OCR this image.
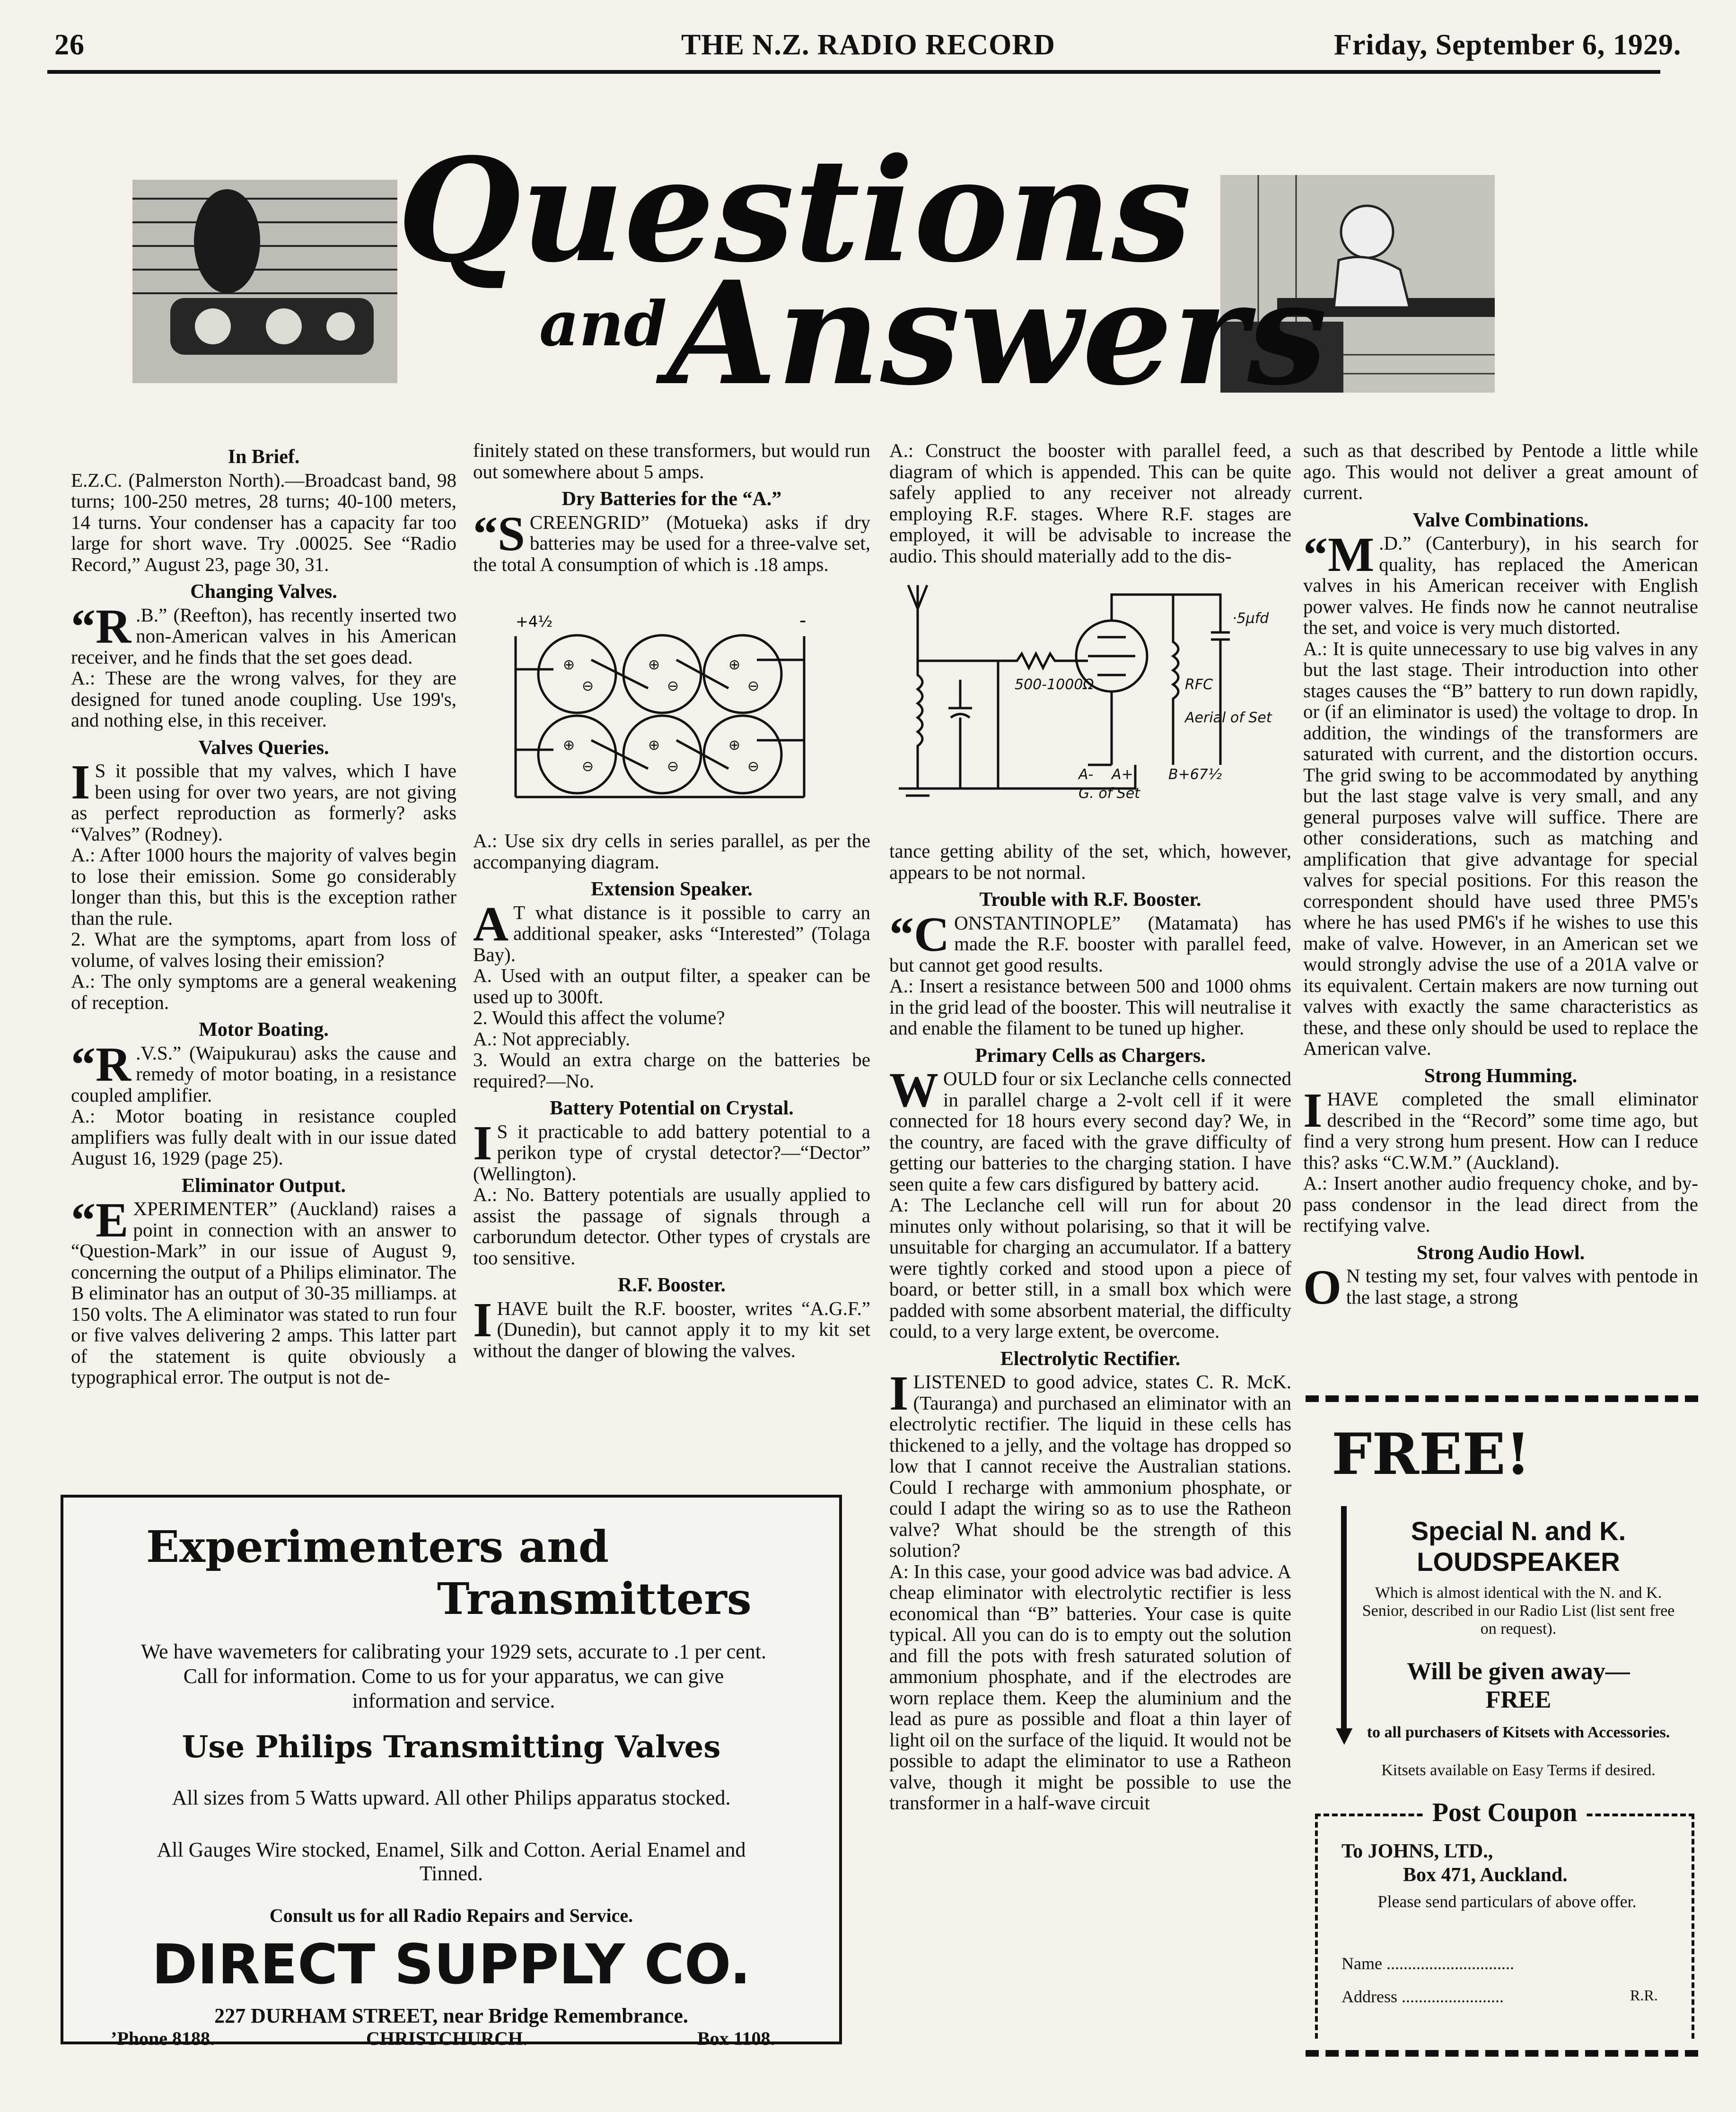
26	THE N.Z. RADIO RECORD	Friday, September 6, 1929.
Questions
and Answers
In Brief.

E.Z.C. (Palmerston North).—Broadcast band, 98 turns; 100-250 metres, 28 turns; 40-100 meters, 14 turns. Your condenser has a capacity far too large for short wave. Try .00025. See “Radio Record,” August 23, page 30, 31.

Changing Valves.

“R .B.” (Reefton), has recently inserted two non-American valves in his American receiver, and he finds that the set goes dead.

A.: These are the wrong valves, for they are designed for tuned anode coupling. Use 199's, and nothing else, in this receiver.

Valves Queries.

I S it possible that my valves, which I have been using for over two years, are not giving as perfect reproduction as formerly? asks “Valves” (Rodney).

A.: After 1000 hours the majority of valves begin to lose their emission. Some go considerably longer than this, but this is the exception rather than the rule.

2. What are the symptoms, apart from loss of volume, of valves losing their emission?

A.: The only symptoms are a general weakening of reception.

Motor Boating.

“R .V.S.” (Waipukurau) asks the cause and remedy of motor boating, in a resistance coupled amplifier.

A.: Motor boating in resistance coupled amplifiers was fully dealt with in our issue dated August 16, 1929 (page 25).

Eliminator Output.

“EXPERIMENTER” (Auckland) raises a point in connection with an answer to “Question-Mark” in our issue of August 9, concerning the output of a Philips eliminator. The B eliminator has an output of 30-35 milliamps. at 150 volts. The A eliminator was stated to run four or five valves delivering 2 amps. This latter part of the statement is quite obviously a typographical error. The output is not de-

finitely stated on these transformers, but would run out somewhere about 5 amps.

Dry Batteries for the “A.”

“SCREENGRID” (Motueka) asks if dry batteries may be used for a three-valve set, the total A consumption of which is .18 amps.

+4½	-
⊕
⊖
⊕
⊖
⊕
⊖
⊕
⊖
⊕
⊖
⊕
⊖

A.: Use six dry cells in series parallel, as per the accompanying diagram.

Extension Speaker.

A T what distance is it possible to carry an additional speaker, asks “Interested” (Tolaga Bay).

A. Used with an output filter, a speaker can be used up to 300ft.

2. Would this affect the volume?

A.: Not appreciably.

3. Would an extra charge on the batteries be required?—No.

Battery Potential on Crystal.

I S it practicable to add battery potential to a perikon type of crystal detector?—“Dector” (Wellington).

A.: No. Battery potentials are usually applied to assist the passage of signals through a carborundum detector. Other types of crystals are too sensitive.

R.F. Booster.

IHAVE built the R.F. booster, writes “A.G.F.” (Dunedin), but cannot apply it to my kit set without the danger of blowing the valves.

A.: Construct the booster with parallel feed, a diagram of which is appended. This can be quite safely applied to any receiver not already employing R.F. stages. Where R.F. stages are employed, it will be advisable to increase the audio. This should materially add to the dis-

500-1000Ω	RFC
·5μfd
Aerial of Set
A- A+ B+67½
G. of Set

tance getting ability of the set, which, however, appears to be not normal.

Trouble with R.F. Booster.

“CONSTANTINOPLE” (Matamata) has made the R.F. booster with parallel feed, but cannot get good results.

A.: Insert a resistance between 500 and 1000 ohms in the grid lead of the booster. This will neutralise it and enable the filament to be tuned up higher.

Primary Cells as Chargers.

WOULD four or six Leclanche cells connected in parallel charge a 2-volt cell if it were connected for 18 hours every second day? We, in the country, are faced with the grave difficulty of getting our batteries to the charging station. I have seen quite a few cars disfigured by battery acid.

A: The Leclanche cell will run for about 20 minutes only without polarising, so that it will be unsuitable for charging an accumulator. If a battery were tightly corked and stood upon a piece of board, or better still, in a small box which were padded with some absorbent material, the difficulty could, to a very large extent, be overcome.

Electrolytic Rectifier.

ILISTENED to good advice, states C. R. McK. (Tauranga) and purchased an eliminator with an electrolytic rectifier. The liquid in these cells has thickened to a jelly, and the voltage has dropped so low that I cannot receive the Australian stations. Could I recharge with ammonium phosphate, or could I adapt the wiring so as to use the Ratheon valve? What should be the strength of this solution?

A: In this case, your good advice was bad advice. A cheap eliminator with electrolytic rectifier is less economical than “B” batteries. Your case is quite typical. All you can do is to empty out the solution and fill the pots with fresh saturated solution of ammonium phosphate, and if the electrodes are worn replace them. Keep the aluminium and the lead as pure as possible and float a thin layer of light oil on the surface of the liquid. It would not be possible to adapt the eliminator to use a Ratheon valve, though it might be possible to use the transformer in a half-wave circuit

such as that described by Pentode a little while ago. This would not deliver a great amount of current.

Valve Combinations.

“M .D.” (Canterbury), in his search for quality, has replaced the American valves in his American receiver with English power valves. He finds now he cannot neutralise the set, and voice is very much distorted.

A.: It is quite unnecessary to use big valves in any but the last stage. Their introduction into other stages causes the “B” battery to run down rapidly, or (if an eliminator is used) the voltage to drop. In addition, the windings of the transformers are saturated with current, and the distortion occurs. The grid swing to be accommodated by anything but the last stage valve is very small, and any general purposes valve will suffice. There are other considerations, such as matching and amplification that give advantage for special valves for special positions. For this reason the correspondent should have used three PM5's where he has used PM6's if he wishes to use this make of valve. However, in an American set we would strongly advise the use of a 201A valve or its equivalent. Certain makers are now turning out valves with exactly the same characteristics as these, and these only should be used to replace the American valve.

Strong Humming.

IHAVE completed the small eliminator described in the “Record” some time ago, but find a very strong hum present. How can I reduce this? asks “C.W.M.” (Auckland).

A.: Insert another audio frequency choke, and by-pass condensor in the lead direct from the rectifying valve.

Strong Audio Howl.

O N testing my set, four valves with pentode in the last stage, a strong

Experimenters and
Transmitters
We have wavemeters for calibrating your 1929 sets, accurate to .1 per cent. Call for information. Come to us for your apparatus, we can give information and service.
Use Philips Transmitting Valves
All sizes from 5 Watts upward. All other Philips apparatus stocked.
All Gauges Wire stocked, Enamel, Silk and Cotton. Aerial Enamel and Tinned.
Consult us for all Radio Repairs and Service.
DIRECT SUPPLY CO.
227 DURHAM STREET, near Bridge Remembrance.
’Phone 8188.	CHRISTCHURCH.	Box 1108.
FREE!
▼
Special N. and K.
LOUDSPEAKER
Which is almost identical with the N. and K. Senior, described in our Radio List (list sent free on request).
Will be given away—
FREE
to all purchasers of Kitsets with Accessories.
Kitsets available on Easy Terms if desired.
Post Coupon
To JOHNS, LTD.,
Box 471, Auckland.
Please send particulars of above offer.
Name ..............................
Address ........................	R.R.
